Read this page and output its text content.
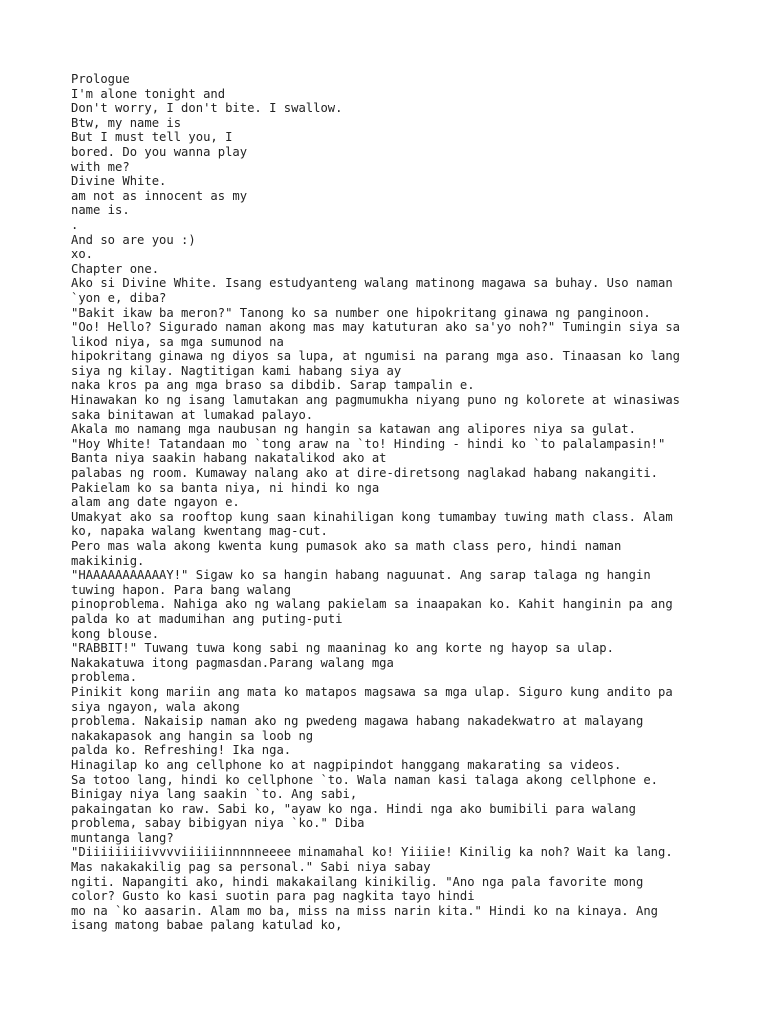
Prologue
I'm alone tonight and
Don't worry, I don't bite. I swallow.
Btw, my name is
But I must tell you, I
bored. Do you wanna play
with me?
Divine White.
am not as innocent as my
name is.
.
And so are you :)
xo.
Chapter one.
Ako si Divine White. Isang estudyanteng walang matinong magawa sa buhay. Uso naman
`yon e, diba?
"Bakit ikaw ba meron?" Tanong ko sa number one hipokritang ginawa ng panginoon.
"Oo! Hello? Sigurado naman akong mas may katuturan ako sa'yo noh?" Tumingin siya sa
likod niya, sa mga sumunod na
hipokritang ginawa ng diyos sa lupa, at ngumisi na parang mga aso. Tinaasan ko lang
siya ng kilay. Nagtitigan kami habang siya ay
naka kros pa ang mga braso sa dibdib. Sarap tampalin e.
Hinawakan ko ng isang lamutakan ang pagmumukha niyang puno ng kolorete at winasiwas
saka binitawan at lumakad palayo.
Akala mo namang mga naubusan ng hangin sa katawan ang alipores niya sa gulat.
"Hoy White! Tatandaan mo `tong araw na `to! Hinding - hindi ko `to palalampasin!"
Banta niya saakin habang nakatalikod ako at
palabas ng room. Kumaway nalang ako at dire-diretsong naglakad habang nakangiti.
Pakielam ko sa banta niya, ni hindi ko nga
alam ang date ngayon e.
Umakyat ako sa rooftop kung saan kinahiligan kong tumambay tuwing math class. Alam
ko, napaka walang kwentang mag-cut.
Pero mas wala akong kwenta kung pumasok ako sa math class pero, hindi naman
makikinig.
"HAAAAAAAAAAAY!" Sigaw ko sa hangin habang naguunat. Ang sarap talaga ng hangin
tuwing hapon. Para bang walang
pinoproblema. Nahiga ako ng walang pakielam sa inaapakan ko. Kahit hanginin pa ang
palda ko at madumihan ang puting-puti
kong blouse.
"RABBIT!" Tuwang tuwa kong sabi ng maaninag ko ang korte ng hayop sa ulap.
Nakakatuwa itong pagmasdan.Parang walang mga
problema.
Pinikit kong mariin ang mata ko matapos magsawa sa mga ulap. Siguro kung andito pa
siya ngayon, wala akong
problema. Nakaisip naman ako ng pwedeng magawa habang nakadekwatro at malayang
nakakapasok ang hangin sa loob ng
palda ko. Refreshing! Ika nga.
Hinagilap ko ang cellphone ko at nagpipindot hanggang makarating sa videos.
Sa totoo lang, hindi ko cellphone `to. Wala naman kasi talaga akong cellphone e.
Binigay niya lang saakin `to. Ang sabi,
pakaingatan ko raw. Sabi ko, "ayaw ko nga. Hindi nga ako bumibili para walang
problema, sabay bibigyan niya `ko." Diba
muntanga lang?
"Diiiiiiiiivvvviiiiiinnnnneeee minamahal ko! Yiiiie! Kinilig ka noh? Wait ka lang.
Mas nakakakilig pag sa personal." Sabi niya sabay
ngiti. Napangiti ako, hindi makakailang kinikilig. "Ano nga pala favorite mong
color? Gusto ko kasi suotin para pag nagkita tayo hindi
mo na `ko aasarin. Alam mo ba, miss na miss narin kita." Hindi ko na kinaya. Ang
isang matong babae palang katulad ko,
